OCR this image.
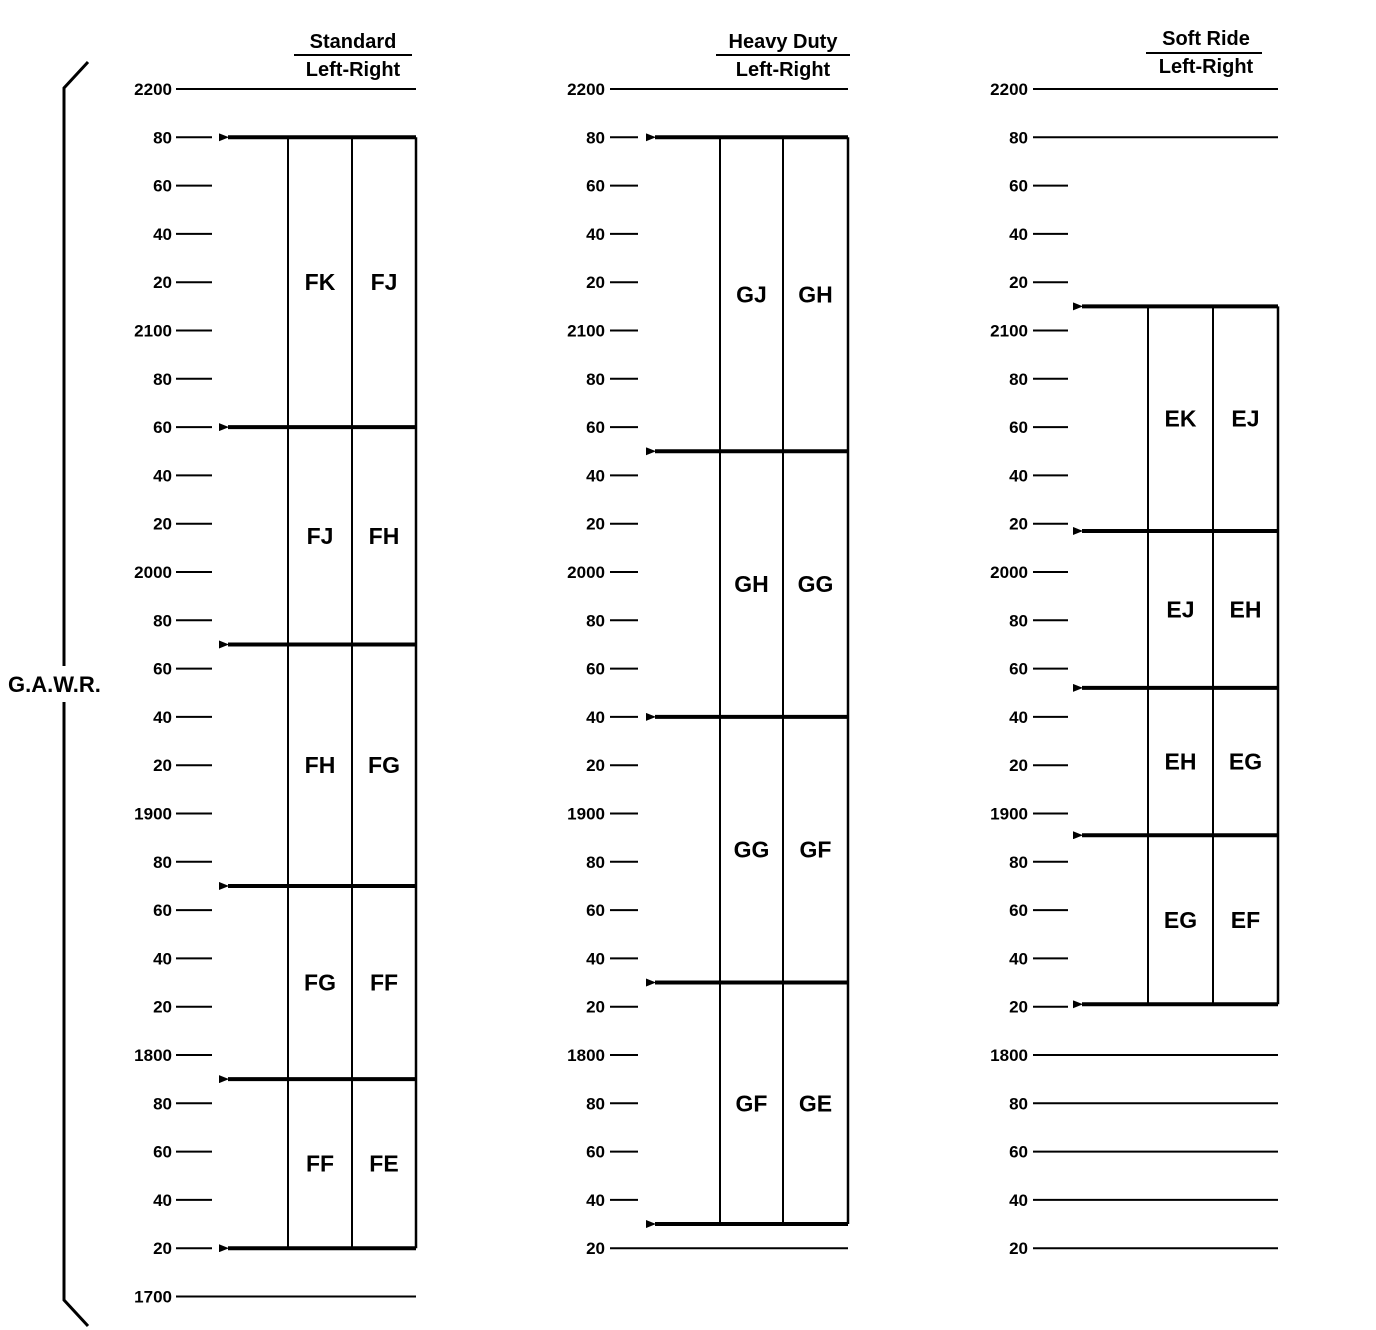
G.A.W.R.
Standard
Left-Right
Heavy Duty
Left-Right
Soft Ride
Left-Right
2200
80
60
40
20
2100
80
60
40
20
2000
80
60
40
20
1900
80
60
40
20
1800
80
60
40
20
1700
2200
80
60
40
20
2100
80
60
40
20
2000
80
60
40
20
1900
80
60
40
20
1800
80
60
40
20
2200
80
60
40
20
2100
80
60
40
20
2000
80
60
40
20
1900
80
60
40
20
1800
80
60
40
20
FK FJ
FJ FH
FH FG
FG FF
FF FE
GJ GH
GH GG
GG GF
GF GE
EK EJ
EJ EH
EH EG
EG EF
